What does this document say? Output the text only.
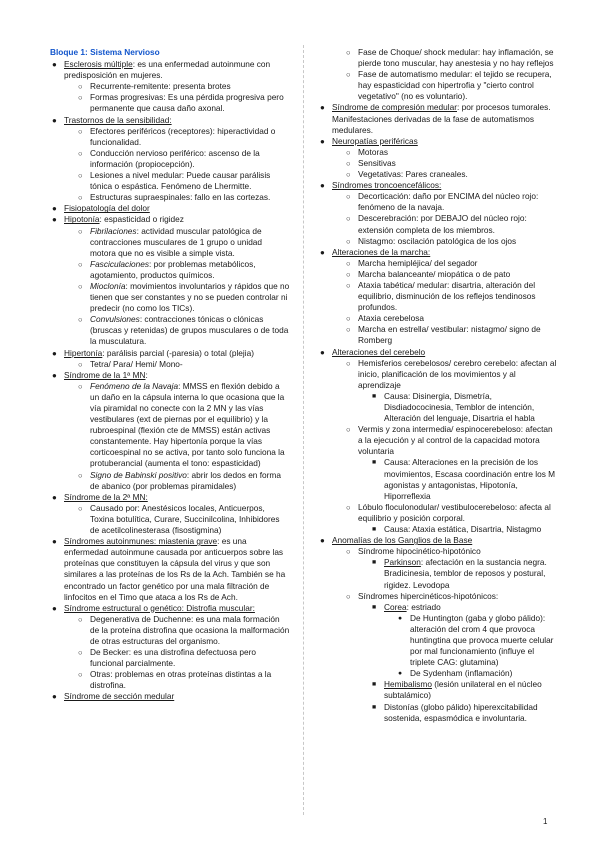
Bloque 1: Sistema Nervioso
● Esclerosis múltiple: es una enfermedad autoinmune con predisposición en mujeres.
○ Recurrente-remitente: presenta brotes
○ Formas progresivas: Es una pérdida progresiva pero permanente que causa daño axonal.
● Trastornos de la sensibilidad:
○ Efectores periféricos (receptores): hiperactividad o funcionalidad.
○ Conducción nervioso periférico: ascenso de la información (propiocepción).
○ Lesiones a nivel medular: Puede causar parálisis tónica o espástica. Fenómeno de Lhermitte.
○ Estructuras supraespinales: fallo en las cortezas.
● Fisiopatología del dolor
● Hipotonía: espasticidad o rigidez
○ Fibrilaciones: actividad muscular patológica de contracciones musculares de 1 grupo o unidad motora que no es visible a simple vista.
○ Fasciculaciones: por problemas metabólicos, agotamiento, productos químicos.
○ Mioclonía: movimientos involuntarios y rápidos que no tienen que ser constantes y no se pueden controlar ni predecir (no como los TICs).
○ Convulsiones: contracciones tónicas o clónicas (bruscas y retenidas) de grupos musculares o de toda la musculatura.
● Hipertonía: parálisis parcial (-paresia) o total (plejia)
○ Tetra/ Para/ Hemi/ Mono-
● Síndrome de la 1ª MN:
○ Fenómeno de la Navaja: MMSS en flexión debido a un daño en la cápsula interna lo que ocasiona que la vía piramidal no conecte con la 2 MN y las vías vestibulares (ext de piernas por el equilibrio) y la rubroespinal (flexión cte de MMSS) están activas constantemente. Hay hipertonía porque la vías corticoespinal no se activa, por tanto solo funciona la protuberancial (aumenta el tono: espasticidad)
○ Signo de Babinski positivo: abrir los dedos en forma de abanico (por problemas piramidales)
● Síndrome de la 2ª MN:
○ Causado por: Anestésicos locales, Anticuerpos, Toxina botulítica, Curare, Succinilcolina, Inhibidores de acetilcolinesterasa (fisostigmina)
● Síndromes autoinmunes: miastenia grave: es una enfermedad autoinmune causada por anticuerpos sobre las proteínas que constituyen la cápsula del virus y que son similares a las proteínas de los Rs de la Ach. También se ha encontrado un factor genético por una mala filtración de linfocitos en el Timo que ataca a los Rs de Ach.
● Síndrome estructural o genético: Distrofia muscular:
○ Degenerativa de Duchenne: es una mala formación de la proteína distrofina que ocasiona la malformación de otras estructuras del organismo.
○ De Becker: es una distrofina defectuosa pero funcional parcialmente.
○ Otras: problemas en otras proteínas distintas a la distrofina.
● Síndrome de sección medular
○ Fase de Choque/ shock medular: hay inflamación, se pierde tono muscular, hay anestesia y no hay reflejos
○ Fase de automatismo medular: el tejido se recupera, hay espasticidad con hipertrofia y "cierto control vegetativo" (no es voluntario).
● Síndrome de compresión medular: por procesos tumorales. Manifestaciones derivadas de la fase de automatismos medulares.
● Neuropatías periféricas
○ Motoras
○ Sensitivas
○ Vegetativas: Pares craneales.
● Síndromes troncoencefálicos:
○ Decorticación: daño por ENCIMA del núcleo rojo: fenómeno de la navaja.
○ Descerebración: por DEBAJO del núcleo rojo: extensión completa de los miembros.
○ Nistagmo: oscilación patológica de los ojos
● Alteraciones de la marcha:
○ Marcha hemipléjica/ del segador
○ Marcha balanceante/ miopática o de pato
○ Ataxia tabética/ medular: disartria, alteración del equilibrio, disminución de los reflejos tendinosos profundos.
○ Ataxia cerebelosa
○ Marcha en estrella/ vestibular: nistagmo/ signo de Romberg
● Alteraciones del cerebelo
○ Hemisferios cerebelosos/ cerebro cerebelo: afectan al inicio, planificación de los movimientos y al aprendizaje
■ Causa: Disinergia, Dismetría, Disdiadococinesia, Temblor de intención, Alteración del lenguaje, Disartria el habla
○ Vermis y zona intermedia/ espinocerebeloso: afectan a la ejecución y al control de la capacidad motora voluntaria
■ Causa: Alteraciones en la precisión de los movimientos, Escasa coordinación entre los M agonistas y antagonistas, Hipotonía, Hiporreflexia
○ Lóbulo floculonodular/ vestibulocerebeloso: afecta al equilibrio y posición corporal.
■ Causa: Ataxia estática, Disartria, Nistagmo
● Anomalías de los Ganglios de la Base
○ Síndrome hipocinético-hipotónico
■ Parkinson: afectación en la sustancia negra. Bradicinesia, temblor de reposos y postural, rigidez. Levodopa
○ Síndromes hipercinéticos-hipotónicos:
■ Corea: estriado
● De Huntington (gaba y globo pálido): alteración del crom 4 que provoca huntingtina que provoca muerte celular por mal funcionamiento (influye el triplete CAG: glutamina)
● De Sydenham (inflamación)
■ Hemibalismo (lesión unilateral en el núcleo subtalámico)
■ Distonías (globo pálido) hiperexcitabilidad sostenida, espasmódica e involuntaria.
1
